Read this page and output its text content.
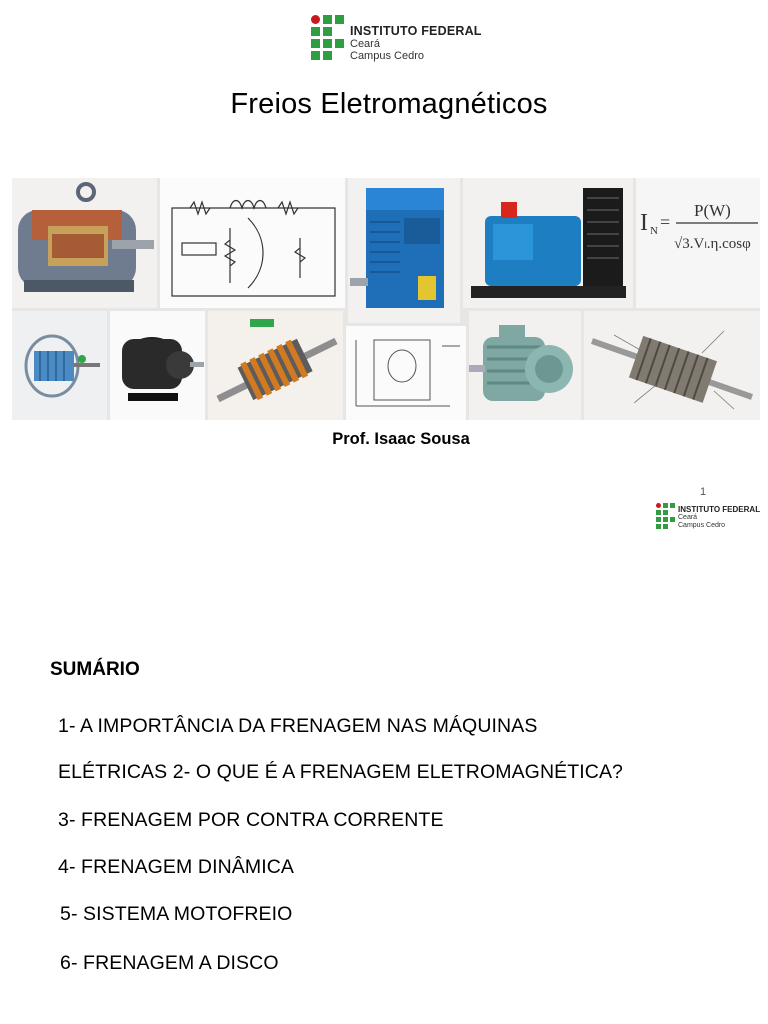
INSTITUTO FEDERAL
Ceará
Campus Cedro
Freios Eletromagnéticos
I N =
P(W)
√3.Vₗ.η.cosφ
Prof. Isaac Sousa
1
INSTITUTO FEDERAL
Ceará
Campus Cedro
SUMÁRIO
1- A IMPORTÂNCIA DA FRENAGEM NAS MÁQUINAS
ELÉTRICAS 2- O QUE É A FRENAGEM ELETROMAGNÉTICA?
3- FRENAGEM POR CONTRA CORRENTE
4- FRENAGEM DINÂMICA
5- SISTEMA MOTOFREIO
6- FRENAGEM A DISCO
